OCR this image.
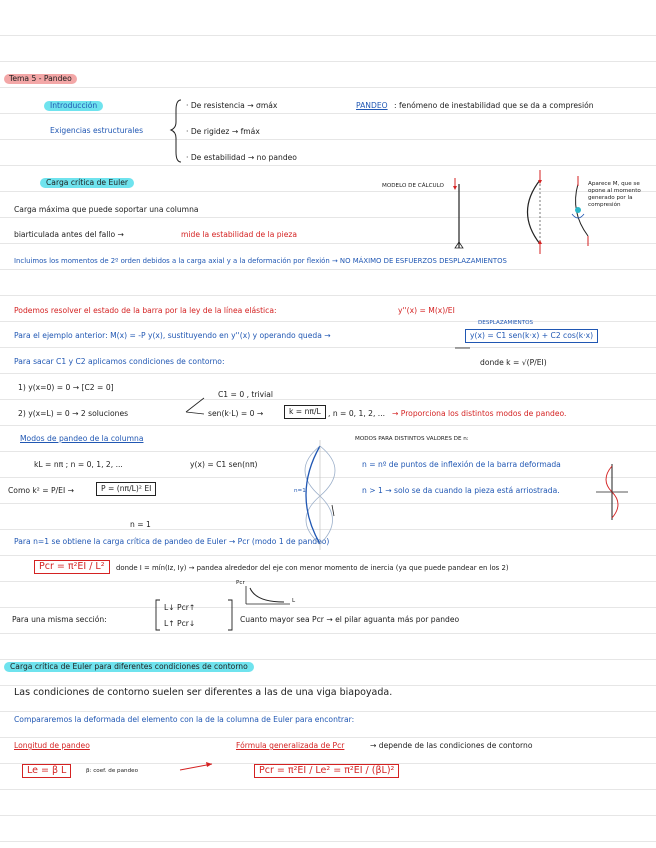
Tema 5 - Pandeo
Introducción
Exigencias estructurales
· De resistencia → σmáx
· De rigidez → fmáx
· De estabilidad → no pandeo
PANDEO : fenómeno de inestabilidad que se da a compresión
Carga crítica de Euler
Carga máxima que puede soportar una columna
biarticulada antes del fallo →	mide la estabilidad de la pieza
Incluimos los momentos de 2º orden debidos a la carga axial y a la deformación por flexión → NO MÁXIMO DE ESFUERZOS DESPLAZAMIENTOS
MODELO DE CÁLCULO	Aparece M, que se opone al momento generado por la compresión
Podemos resolver el estado de la barra por la ley de la línea elástica:	y''(x) = M(x)/EI
DESPLAZAMIENTOS
Para el ejemplo anterior: M(x) = -P y(x), sustituyendo en y''(x) y operando queda →	y(x) = C1 sen(k·x) + C2 cos(k·x)
Para sacar C1 y C2 aplicamos condiciones de contorno:	donde k = √(P/EI)
1) y(x=0) = 0 → [C2 = 0]
C1 = 0 , trivial
2) y(x=L) = 0 → 2 soluciones	sen(k·L) = 0 →	k = nπ/L , n = 0, 1, 2, ... → Proporciona los distintos modos de pandeo.
Modos de pandeo de la columna	MODOS PARA DISTINTOS VALORES DE n:
kL = nπ ; n = 0, 1, 2, ...	y(x) = C1 sen(nπ)	n = nº de puntos de inflexión de la barra deformada
n=1	n > 1 → solo se da cuando la pieza está arriostrada.
Como k² = P/EI →	P = (nπ/L)² EI
n = 1
Para n=1 se obtiene la carga crítica de pandeo de Euler → Pcr (modo 1 de pandeo)
Pcr = π²EI / L²	donde I = mín(Iz, Iy) → pandea alrededor del eje con menor momento de inercia (ya que puede pandear en los 2)
Pcr
L
Para una misma sección:
L↓ Pcr↑
L↑ Pcr↓	Cuanto mayor sea Pcr → el pilar aguanta más por pandeo
Carga crítica de Euler para diferentes condiciones de contorno
Las condiciones de contorno suelen ser diferentes a las de una viga biapoyada.
Compararemos la deformada del elemento con la de la columna de Euler para encontrar:
Longitud de pandeo
Le = β L	β: coef. de pandeo
Fórmula generalizada de Pcr	→ depende de las condiciones de contorno
Pcr = π²EI / Le² = π²EI / (βL)²
